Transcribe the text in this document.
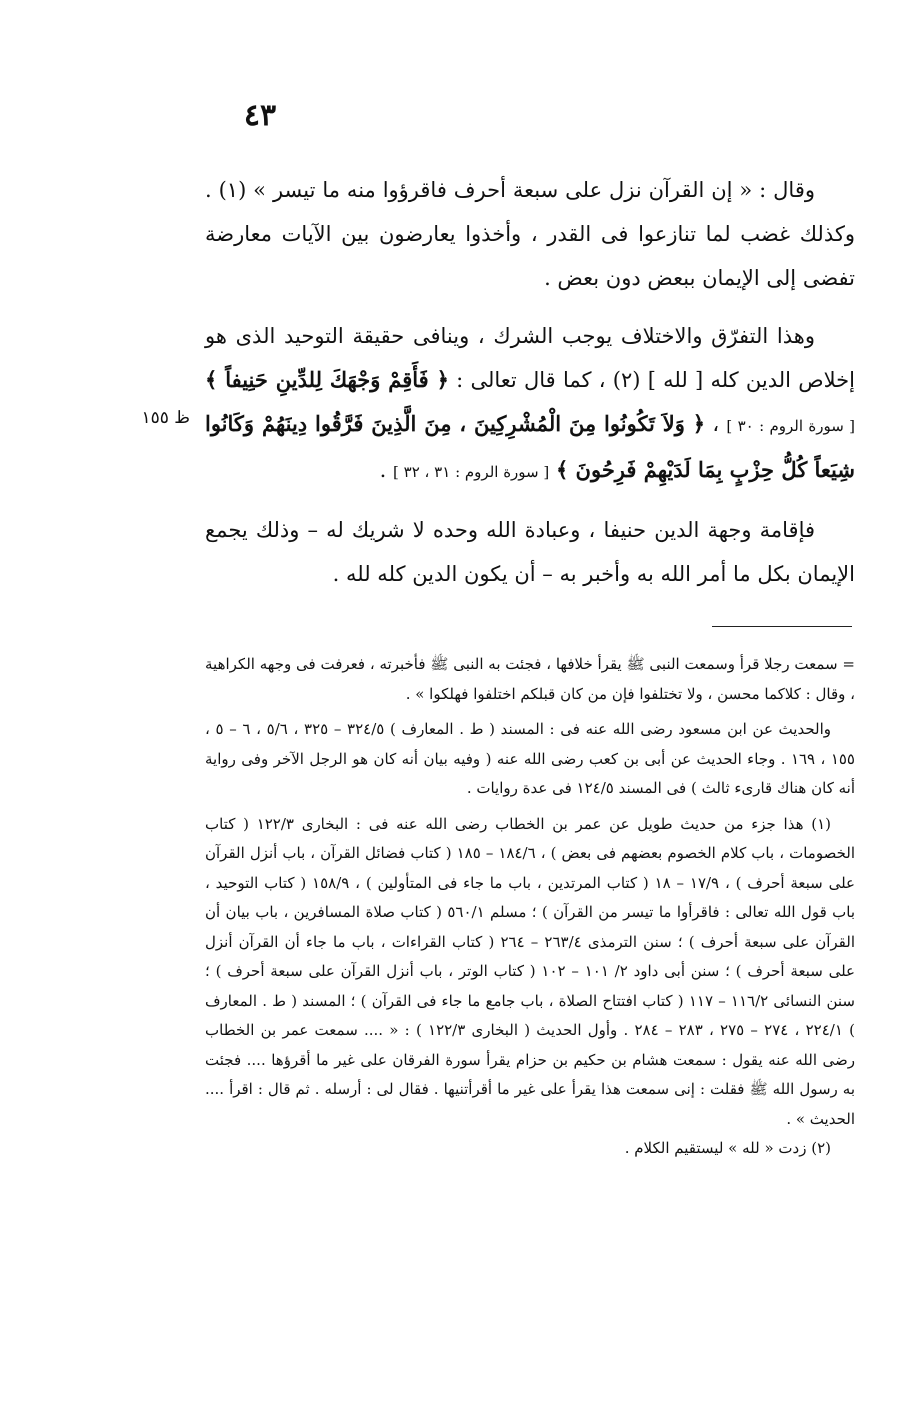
٤٣

وقال : « إن القرآن نزل على سبعة أحرف فاقرؤوا منه ما تيسر » (١) . وكذلك غضب لما تنازعوا فى القدر ، وأخذوا يعارضون بين الآيات معارضة تفضى إلى الإيمان ببعض دون بعض .

وهذا التفرّق والاختلاف يوجب الشرك ، وينافى حقيقة التوحيد الذى هو إخلاص الدين كله [ لله ] (٢) ، كما قال تعالى : ﴿ فَأَقِمْ وَجْهَكَ لِلدِّينِ حَنِيفاً ﴾ [ سورة الروم : ٣٠ ] ، ﴿ وَلاَ تَكُونُوا مِنَ الْمُشْرِكِينَ ، مِنَ الَّذِينَ فَرَّقُوا دِينَهُمْ وَكَانُوا شِيَعاً كُلُّ حِزْبٍ بِمَا لَدَيْهِمْ فَرِحُونَ ﴾ [ سورة الروم : ٣١ ، ٣٢ ] .

فإقامة وجهة الدين حنيفا ، وعبادة الله وحده لا شريك له – وذلك يجمع الإيمان بكل ما أمر الله به وأخبر به – أن يكون الدين كله لله .

ظ ١٥٥

= سمعت رجلا قرأ وسمعت النبى ﷺ يقرأ خلافها ، فجئت به النبى ﷺ فأخبرته ، فعرفت فى وجهه الكراهية ، وقال : كلاكما محسن ، ولا تختلفوا فإن من كان قبلكم اختلفوا فهلكوا » .

والحديث عن ابن مسعود رضى الله عنه فى : المسند ( ط . المعارف ) ٣٢٤/٥ – ٣٢٥ ، ٥/٦ ، ٦ – ٥ ، ١٥٥ ، ١٦٩ . وجاء الحديث عن أبى بن كعب رضى الله عنه ( وفيه بيان أنه كان هو الرجل الآخر وفى رواية أنه كان هناك قارىء ثالث ) فى المسند ١٢٤/٥ فى عدة روايات .

(١) هذا جزء من حديث طويل عن عمر بن الخطاب رضى الله عنه فى : البخارى ١٢٢/٣ ( كتاب الخصومات ، باب كلام الخصوم بعضهم فى بعض ) ، ١٨٤/٦ – ١٨٥ ( كتاب فضائل القرآن ، باب أنزل القرآن على سبعة أحرف ) ، ١٧/٩ – ١٨ ( كتاب المرتدين ، باب ما جاء فى المتأولين ) ، ١٥٨/٩ ( كتاب التوحيد ، باب قول الله تعالى : فاقرأوا ما تيسر من القرآن ) ؛ مسلم ٥٦٠/١ ( كتاب صلاة المسافرين ، باب بيان أن القرآن على سبعة أحرف ) ؛ سنن الترمذى ٢٦٣/٤ – ٢٦٤ ( كتاب القراءات ، باب ما جاء أن القرآن أنزل على سبعة أحرف ) ؛ سنن أبى داود ٢/ ١٠١ – ١٠٢ ( كتاب الوتر ، باب أنزل القرآن على سبعة أحرف ) ؛ سنن النسائى ١١٦/٢ – ١١٧ ( كتاب افتتاح الصلاة ، باب جامع ما جاء فى القرآن ) ؛ المسند ( ط . المعارف ) ٢٢٤/١ ، ٢٧٤ – ٢٧٥ ، ٢٨٣ – ٢٨٤ . وأول الحديث ( البخارى ١٢٢/٣ ) : « .... سمعت عمر بن الخطاب رضى الله عنه يقول : سمعت هشام بن حكيم بن حزام يقرأ سورة الفرقان على غير ما أقرؤها .... فجئت به رسول الله ﷺ فقلت : إنى سمعت هذا يقرأ على غير ما أقرأتنيها . فقال لى : أرسله . ثم قال : اقرأ .... الحديث » .

(٢) زدت « لله » ليستقيم الكلام .
